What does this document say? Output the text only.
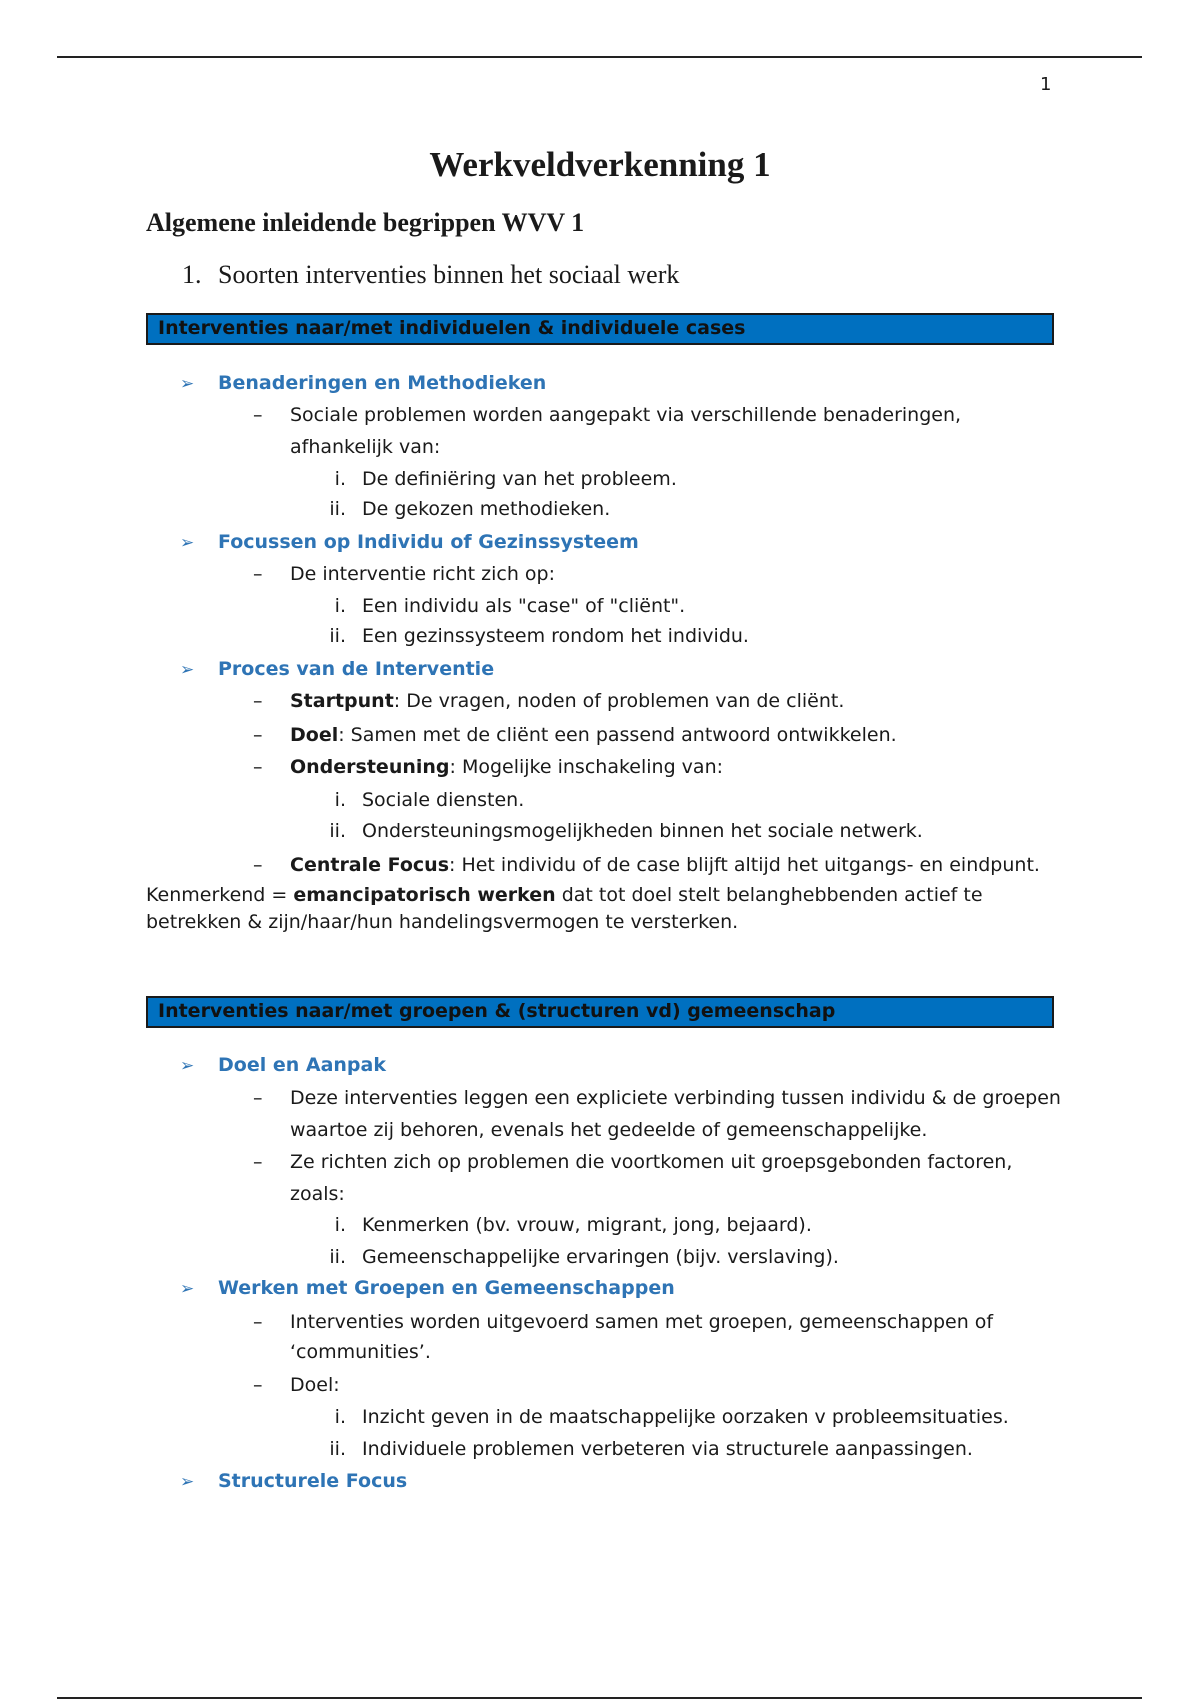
1
Werkveldverkenning 1
Algemene inleidende begrippen WVV 1
1. Soorten interventies binnen het sociaal werk
Interventies naar/met individuelen & individuele cases
➢ Benaderingen en Methodieken
– Sociale problemen worden aangepakt via verschillende benaderingen,
afhankelijk van:
i. De definiëring van het probleem.
ii. De gekozen methodieken.
➢ Focussen op Individu of Gezinssysteem
– De interventie richt zich op:
i. Een individu als "case" of "cliënt".
ii. Een gezinssysteem rondom het individu.
➢ Proces van de Interventie
– Startpunt: De vragen, noden of problemen van de cliënt.
– Doel: Samen met de cliënt een passend antwoord ontwikkelen.
– Ondersteuning: Mogelijke inschakeling van:
i. Sociale diensten.
ii. Ondersteuningsmogelijkheden binnen het sociale netwerk.
– Centrale Focus: Het individu of de case blijft altijd het uitgangs- en eindpunt.
Kenmerkend = emancipatorisch werken dat tot doel stelt belanghebbenden actief te
betrekken & zijn/haar/hun handelingsvermogen te versterken.
Interventies naar/met groepen & (structuren vd) gemeenschap
➢ Doel en Aanpak
– Deze interventies leggen een expliciete verbinding tussen individu & de groepen
waartoe zij behoren, evenals het gedeelde of gemeenschappelijke.
– Ze richten zich op problemen die voortkomen uit groepsgebonden factoren,
zoals:
i. Kenmerken (bv. vrouw, migrant, jong, bejaard).
ii. Gemeenschappelijke ervaringen (bijv. verslaving).
➢ Werken met Groepen en Gemeenschappen
– Interventies worden uitgevoerd samen met groepen, gemeenschappen of
‘communities’.
– Doel:
i. Inzicht geven in de maatschappelijke oorzaken v probleemsituaties.
ii. Individuele problemen verbeteren via structurele aanpassingen.
➢ Structurele Focus
